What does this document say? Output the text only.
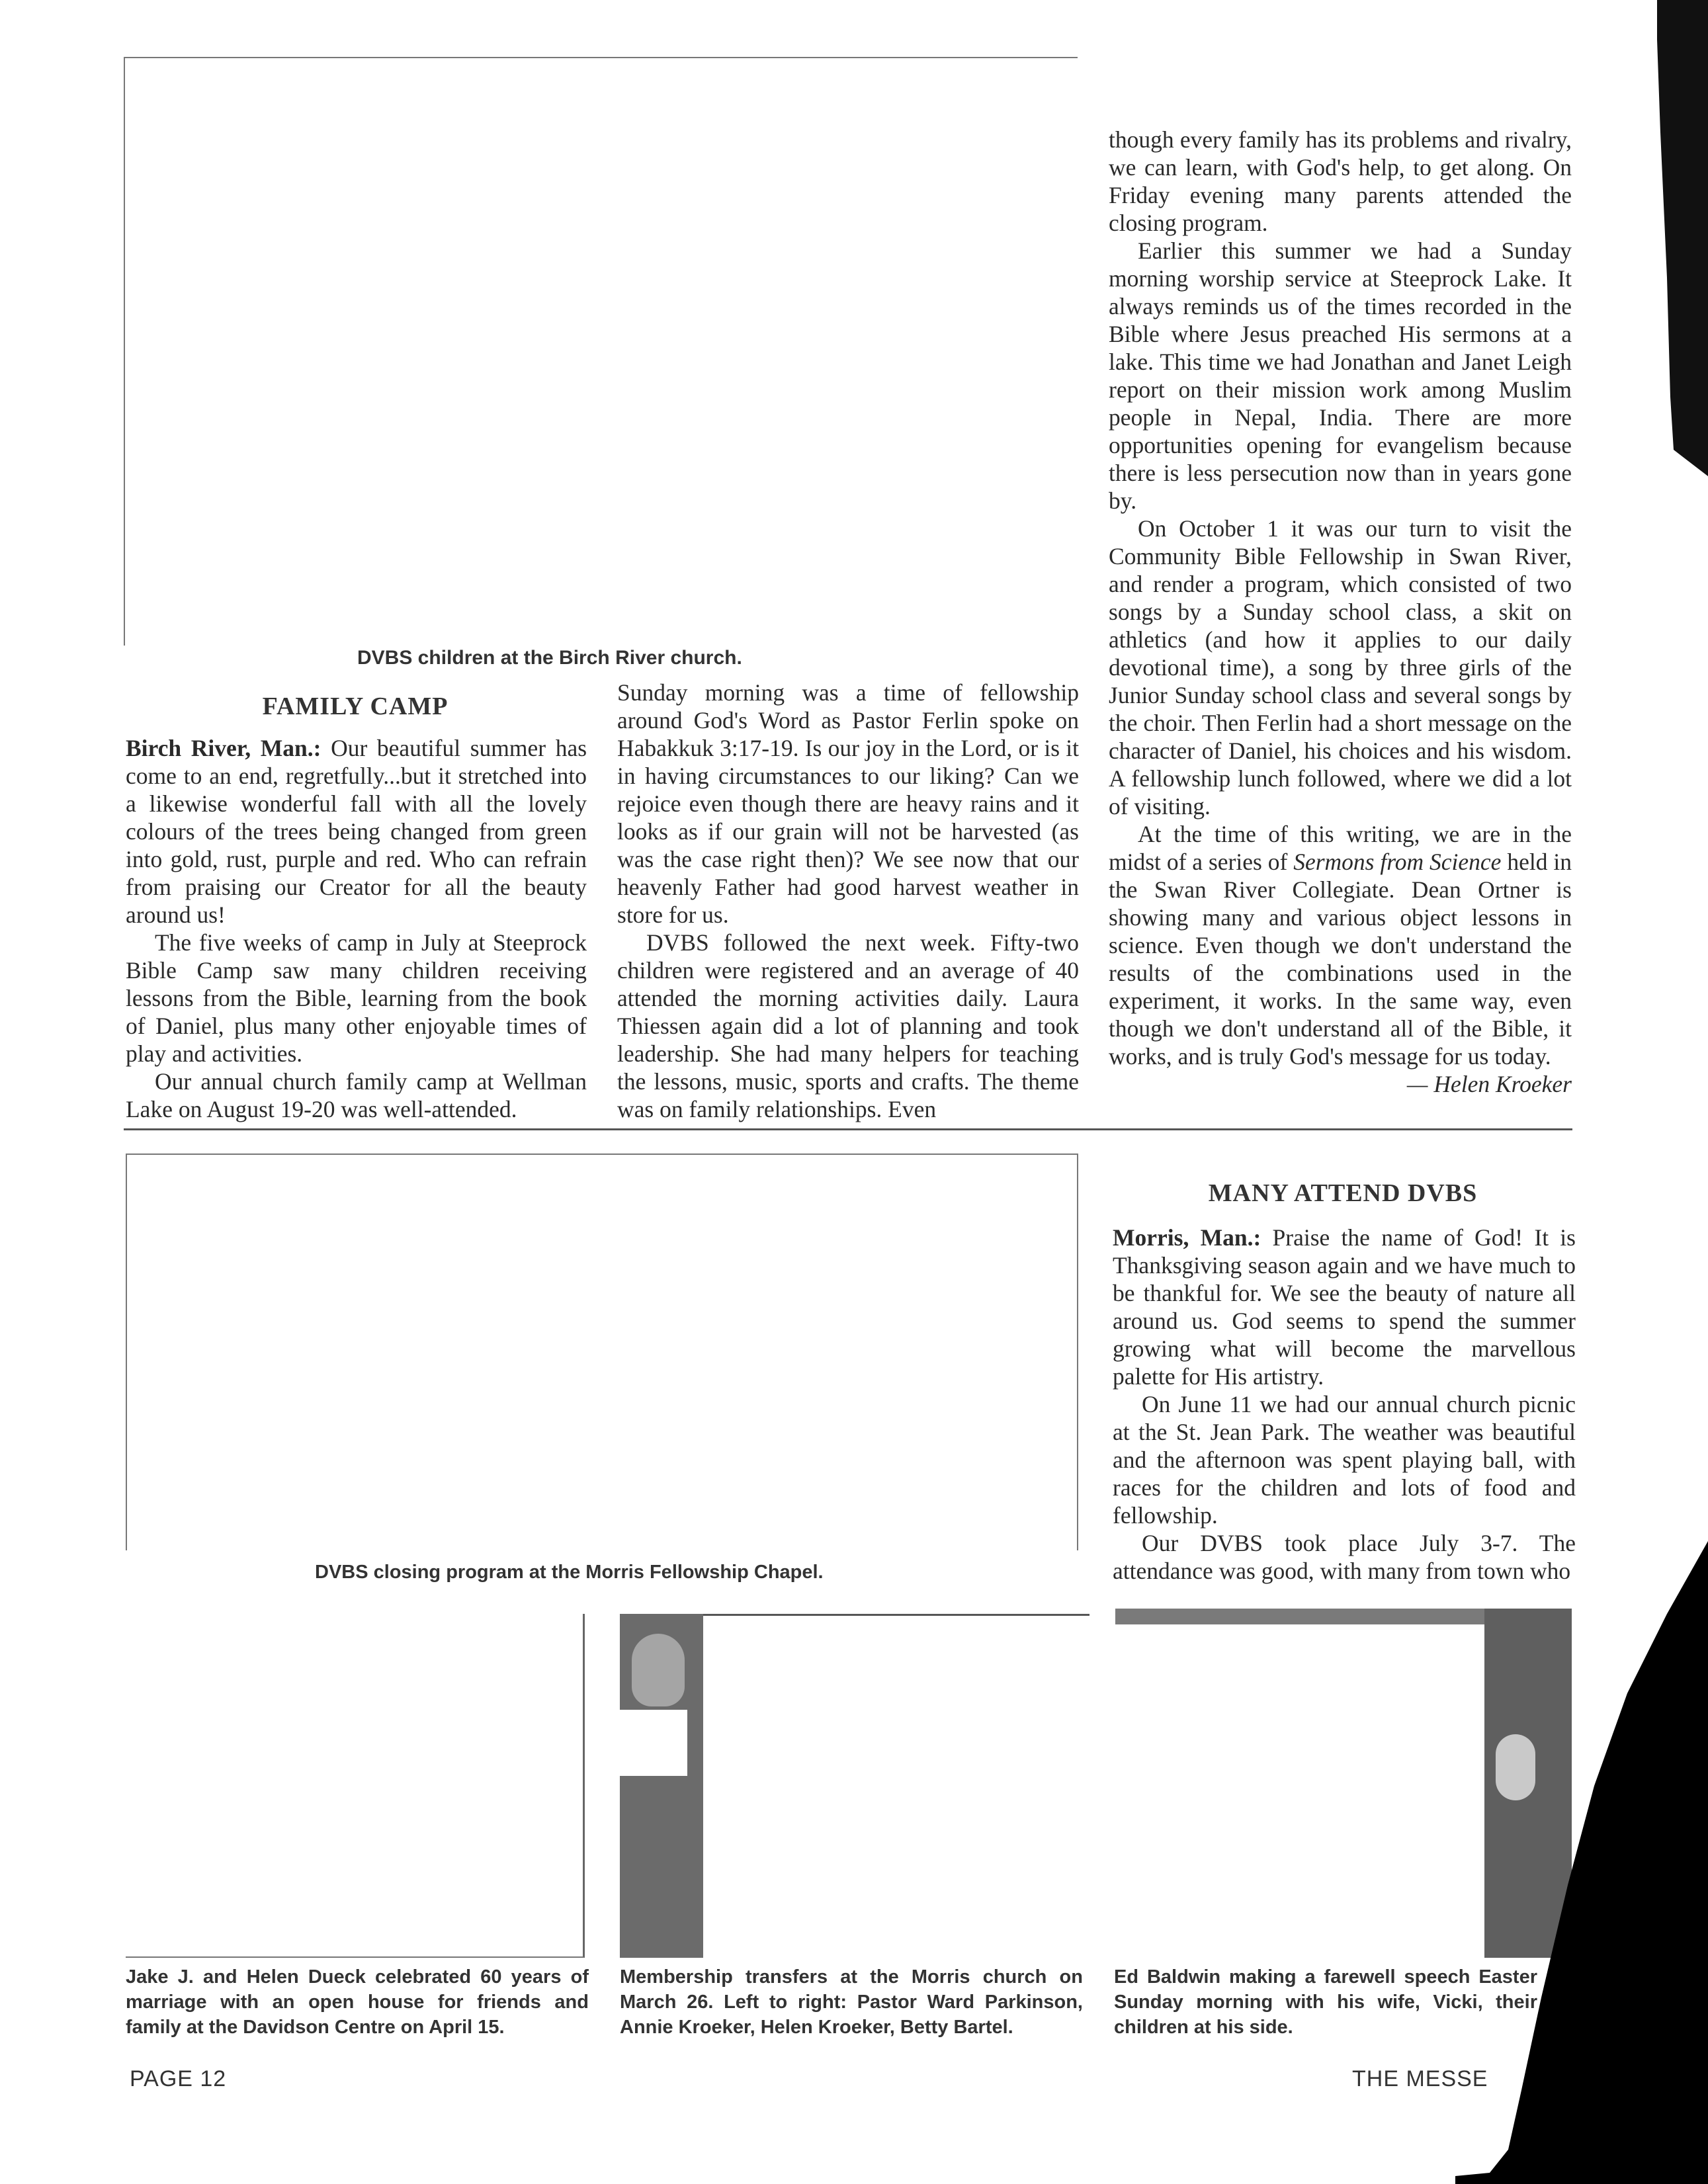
DVBS children at the Birch River church.
FAMILY CAMP

Birch River, Man.: Our beautiful summer has come to an end, regretfully...but it stretched into a likewise wonderful fall with all the lovely colours of the trees being changed from green into gold, rust, purple and red. Who can refrain from praising our Creator for all the beauty around us!

The five weeks of camp in July at Steeprock Bible Camp saw many children receiving lessons from the Bible, learning from the book of Daniel, plus many other enjoyable times of play and activities.

Our annual church family camp at Wellman Lake on August 19-20 was well-attended.

Sunday morning was a time of fellowship around God's Word as Pastor Ferlin spoke on Habakkuk 3:17-19. Is our joy in the Lord, or is it in having circumstances to our liking? Can we rejoice even though there are heavy rains and it looks as if our grain will not be harvested (as was the case right then)? We see now that our heavenly Father had good harvest weather in store for us.

DVBS followed the next week. Fifty-two children were registered and an average of 40 attended the morning activities daily. Laura Thiessen again did a lot of planning and took leadership. She had many helpers for teaching the lessons, music, sports and crafts. The theme was on family relationships. Even

though every family has its problems and rivalry, we can learn, with God's help, to get along. On Friday evening many parents attended the closing program.

Earlier this summer we had a Sunday morning worship service at Steeprock Lake. It always reminds us of the times recorded in the Bible where Jesus preached His sermons at a lake. This time we had Jonathan and Janet Leigh report on their mission work among Muslim people in Nepal, India. There are more opportunities opening for evangelism because there is less persecution now than in years gone by.

On October 1 it was our turn to visit the Community Bible Fellowship in Swan River, and render a program, which consisted of two songs by a Sunday school class, a skit on athletics (and how it applies to our daily devotional time), a song by three girls of the Junior Sunday school class and several songs by the choir. Then Ferlin had a short message on the character of Daniel, his choices and his wisdom. A fellowship lunch followed, where we did a lot of visiting.

At the time of this writing, we are in the midst of a series of Sermons from Science held in the Swan River Collegiate. Dean Ortner is showing many and various object lessons in science. Even though we don't understand the results of the combinations used in the experiment, it works. In the same way, even though we don't understand all of the Bible, it works, and is truly God's message for us today.

— Helen Kroeker

DVBS closing program at the Morris Fellowship Chapel.
MANY ATTEND DVBS

Morris, Man.: Praise the name of God! It is Thanksgiving season again and we have much to be thankful for. We see the beauty of nature all around us. God seems to spend the summer growing what will become the marvellous palette for His artistry.

On June 11 we had our annual church picnic at the St. Jean Park. The weather was beautiful and the afternoon was spent playing ball, with races for the children and lots of food and fellowship.

Our DVBS took place July 3-7. The attendance was good, with many from town who

Jake J. and Helen Dueck celebrated 60 years of marriage with an open house for friends and family at the Davidson Centre on April 15.
Membership transfers at the Morris church on March 26. Left to right: Pastor Ward Parkinson, Annie Kroeker, Helen Kroeker, Betty Bartel.
Ed Baldwin making a farewell speech Easter Sunday morning with his wife, Vicki, their children at his side.
PAGE 12	THE MESSE
